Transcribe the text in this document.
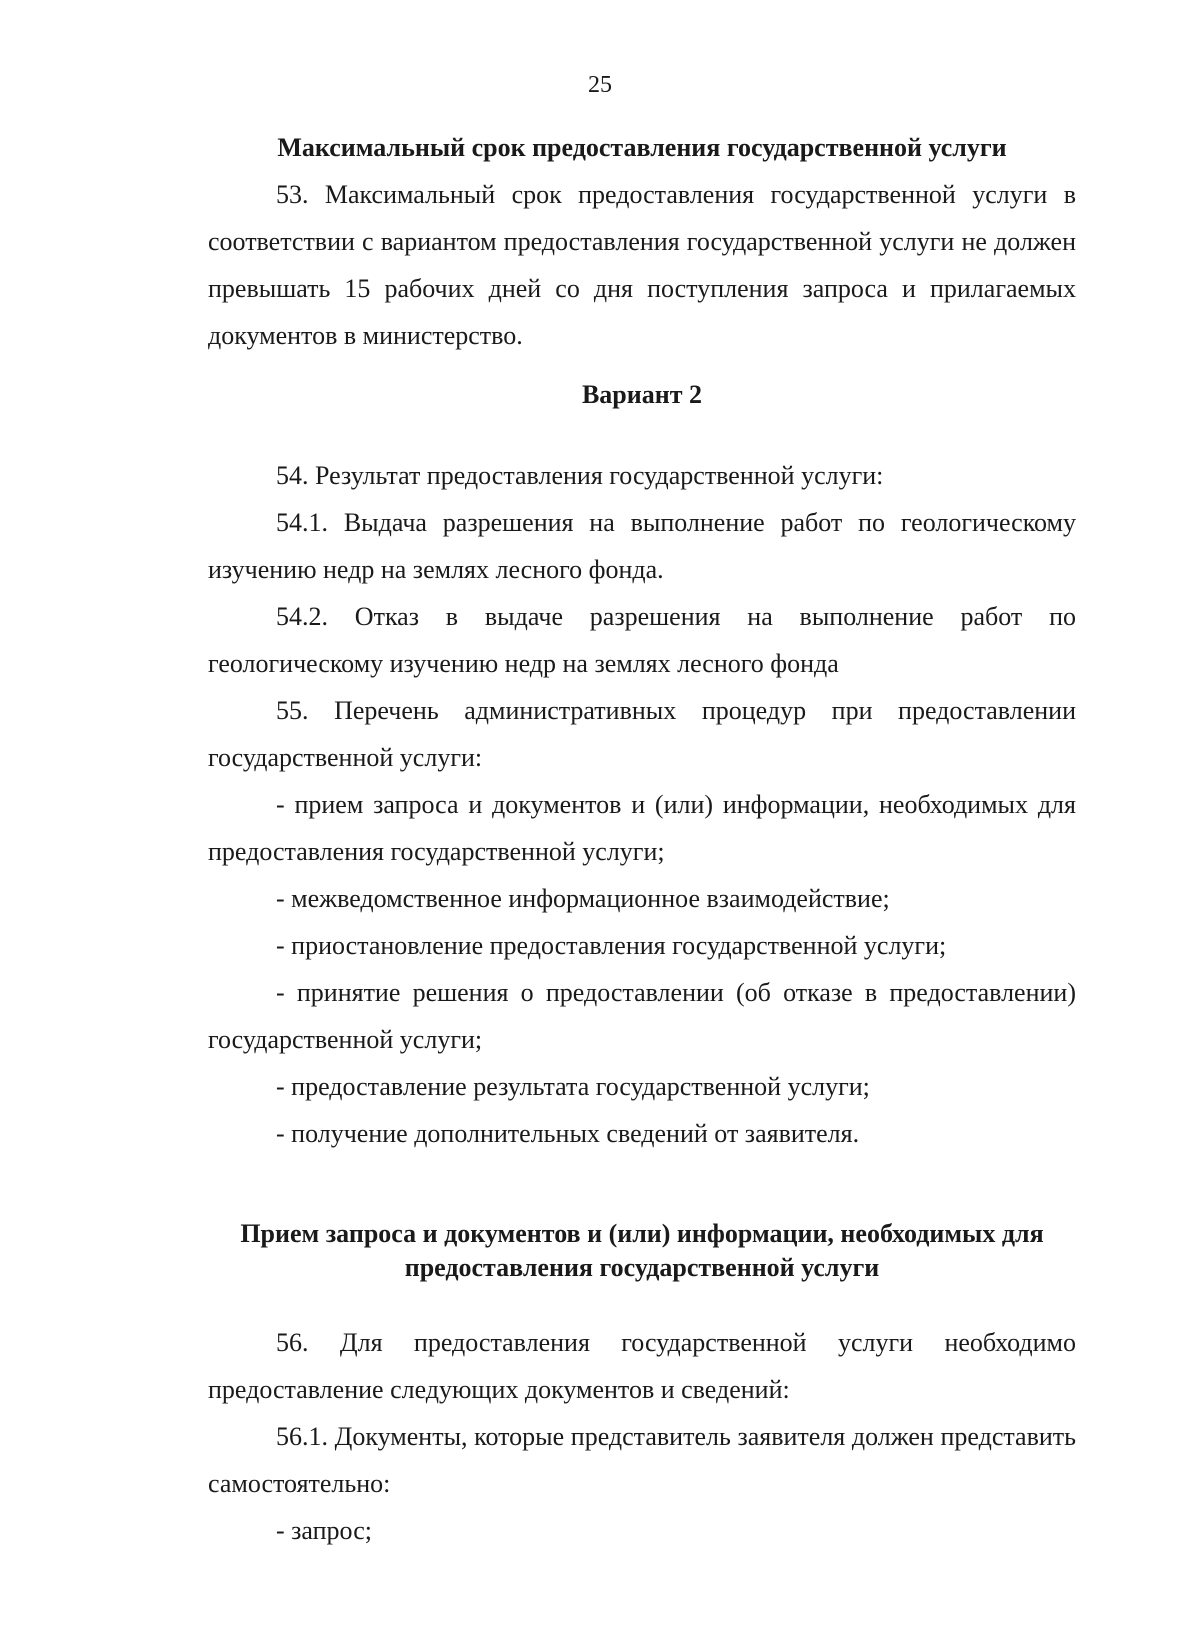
25

Максимальный срок предоставления государственной услуги

53. Максимальный срок предоставления государственной услуги в соответствии с вариантом предоставления государственной услуги не должен превышать 15 рабочих дней со дня поступления запроса и прилагаемых документов в министерство.

Вариант 2

54. Результат предоставления государственной услуги:

54.1. Выдача разрешения на выполнение работ по геологическому изучению недр на землях лесного фонда.

54.2. Отказ в выдаче разрешения на выполнение работ по геологическому изучению недр на землях лесного фонда

55. Перечень административных процедур при предоставлении государственной услуги:

- прием запроса и документов и (или) информации, необходимых для предоставления государственной услуги;

- межведомственное информационное взаимодействие;

- приостановление предоставления государственной услуги;

- принятие решения о предоставлении (об отказе в предоставлении) государственной услуги;

- предоставление результата государственной услуги;

- получение дополнительных сведений от заявителя.

Прием запроса и документов и (или) информации, необходимых для
предоставления государственной услуги

56. Для предоставления государственной услуги необходимо предоставление следующих документов и сведений:

56.1. Документы, которые представитель заявителя должен представить самостоятельно:

- запрос;
